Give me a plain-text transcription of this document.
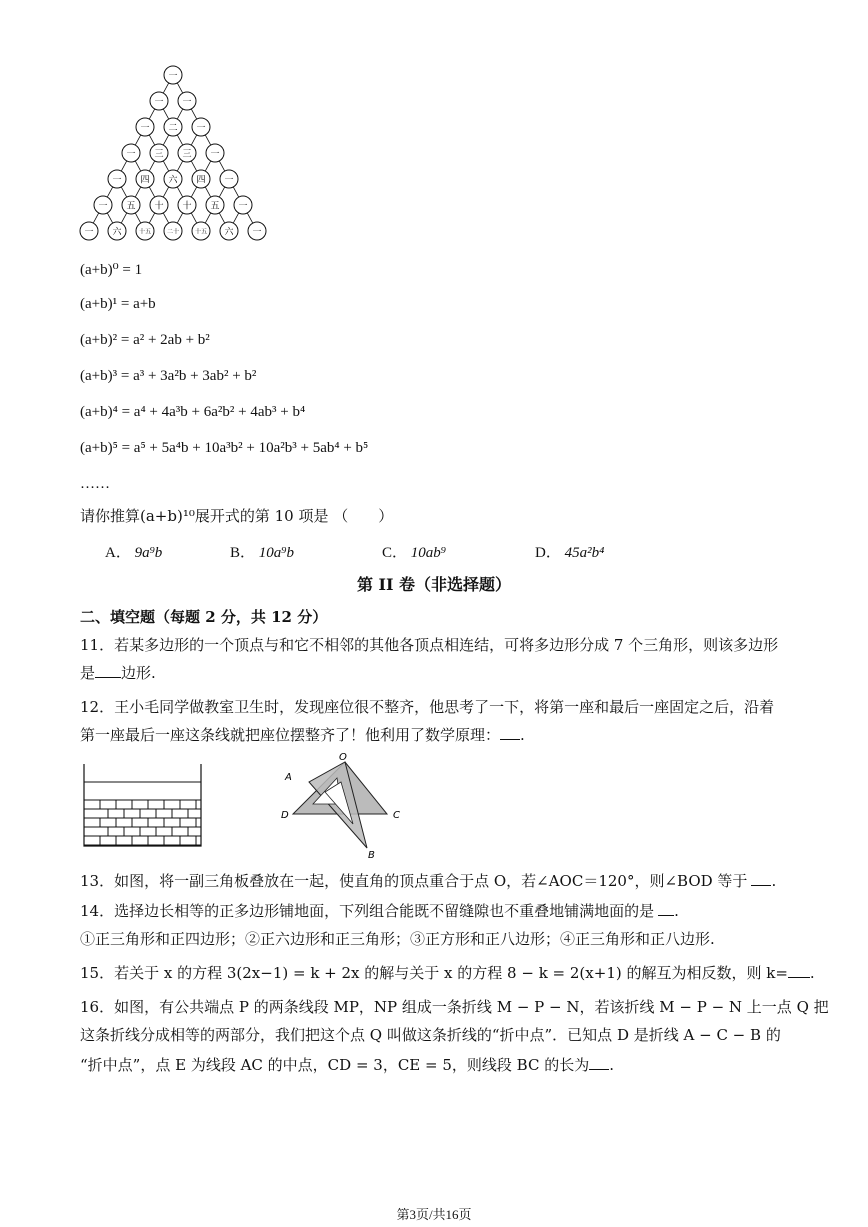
一
一 一
一 二 一
一 三 三 一
一 四 六 四 一
一 五 十 十 五 一
一 六	十五	二十	十五 六 一
(a+b)⁰ = 1
(a+b)¹ = a+b
(a+b)² = a² + 2ab + b²
(a+b)³ = a³ + 3a²b + 3ab² + b²
(a+b)⁴ = a⁴ + 4a³b + 6a²b² + 4ab³ + b⁴
(a+b)⁵ = a⁵ + 5a⁴b + 10a³b² + 10a²b³ + 5ab⁴ + b⁵
……
请你推算(a+b)¹⁰展开式的第 10 项是 （　　）
A． 9a⁹b	B． 10a⁹b	C． 10ab⁹	D． 45a²b⁴
第 II 卷（非选择题）
二、填空题（每题 2 分，共 12 分）
11．若某多边形的一个顶点与和它不相邻的其他各顶点相连结，可将多边形分成 7 个三角形，则该多边形
是 边形.
12．王小毛同学做教室卫生时，发现座位很不整齐，他思考了一下，将第一座和最后一座固定之后，沿着
第一座最后一座这条线就把座位摆整齐了！他利用了数学原理： .
O
A
D	C
B
13．如图，将一副三角板叠放在一起，使直角的顶点重合于点 O，若∠AOC＝120°，则∠BOD 等于 .
14．选择边长相等的正多边形铺地面，下列组合能既不留缝隙也不重叠地铺满地面的是 .
①正三角形和正四边形；②正六边形和正三角形；③正方形和正八边形；④正三角形和正八边形.
15．若关于 x 的方程 3(2x−1) = k + 2x 的解与关于 x 的方程 8 − k = 2(x+1) 的解互为相反数，则 k= .
16．如图，有公共端点 P 的两条线段 MP，NP 组成一条折线 M − P − N，若该折线 M − P − N 上一点 Q 把
这条折线分成相等的两部分，我们把这个点 Q 叫做这条折线的“折中点”．已知点 D 是折线 A − C − B 的
“折中点”，点 E 为线段 AC 的中点，CD = 3，CE = 5，则线段 BC 的长为 .
第3页/共16页
